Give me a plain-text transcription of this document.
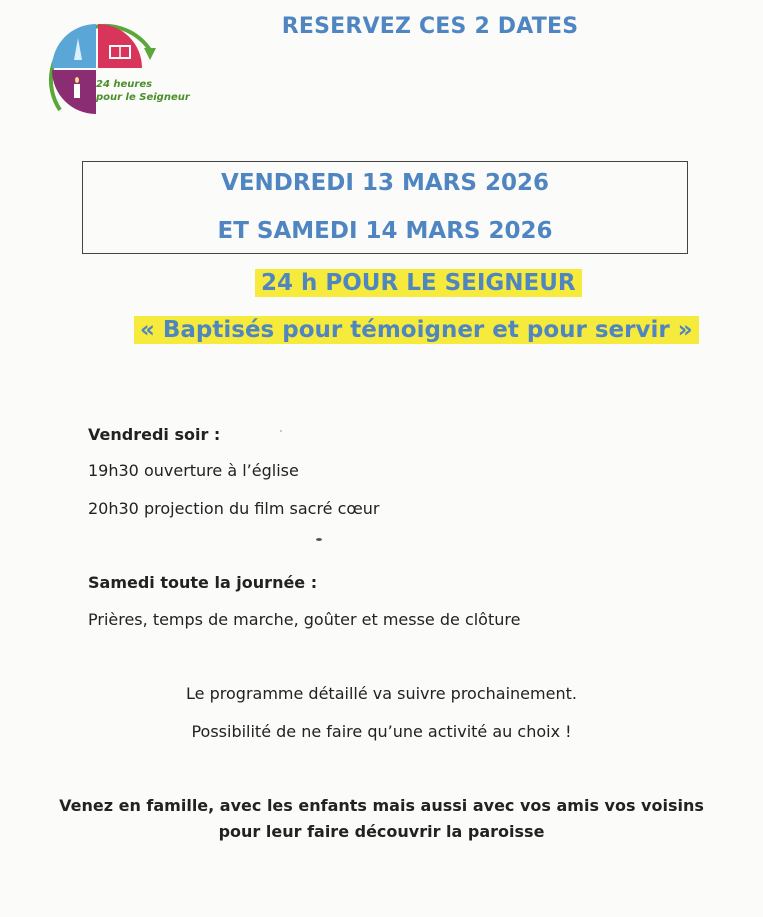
24 heures
pour le Seigneur
RESERVEZ CES 2 DATES
VENDREDI 13 MARS 2026
ET SAMEDI 14 MARS 2026
24 h POUR LE SEIGNEUR
« Baptisés pour témoigner et pour servir »
Vendredi soir :
19h30 ouverture à l’église
20h30 projection du film sacré cœur
Samedi toute la journée :
Prières, temps de marche, goûter et messe de clôture
Le programme détaillé va suivre prochainement.
Possibilité de ne faire qu’une activité au choix !
Venez en famille, avec les enfants mais aussi avec vos amis vos voisins
pour leur faire découvrir la paroisse
